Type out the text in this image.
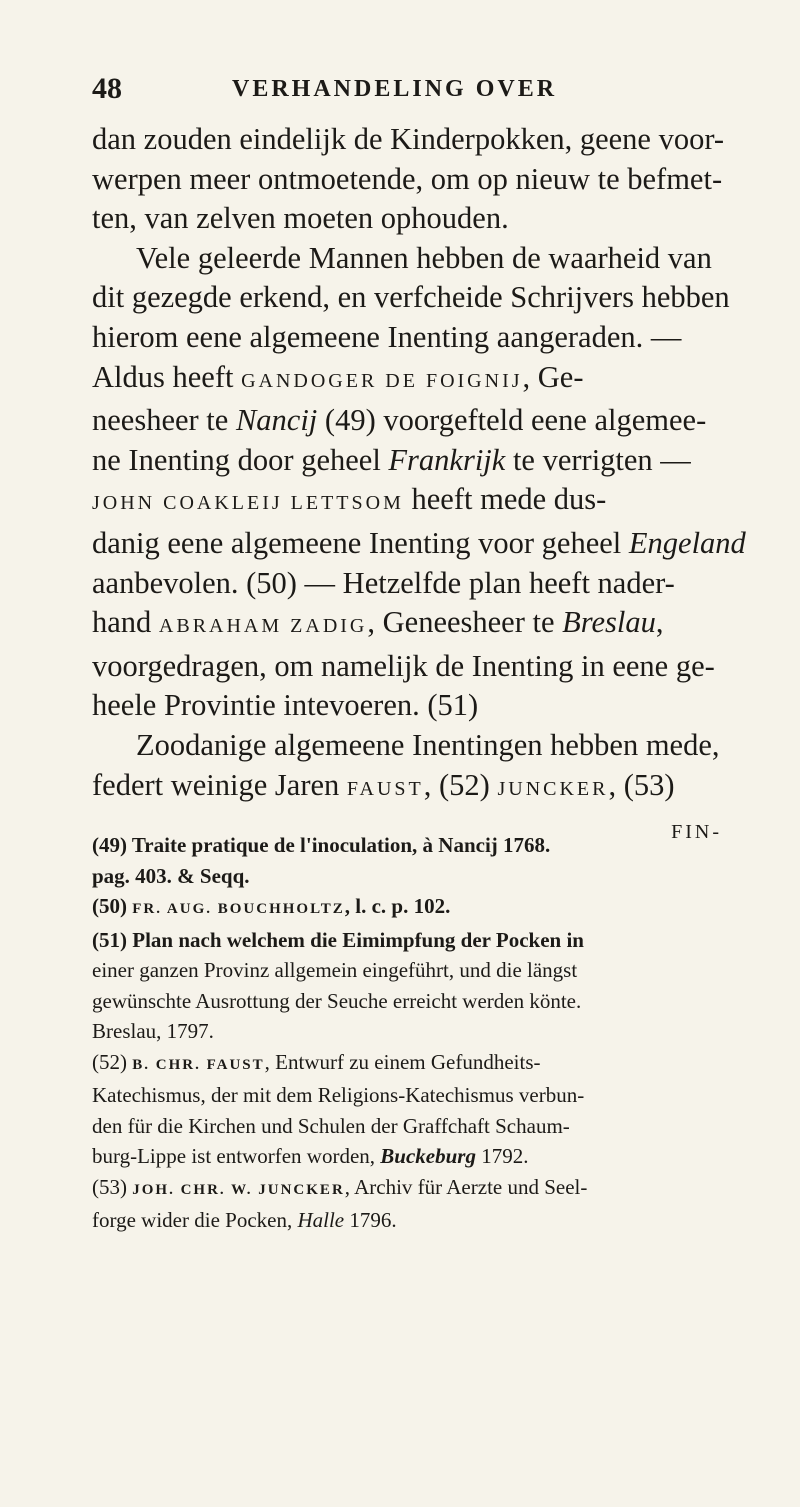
48	VERHANDELING OVER
dan zouden eindelijk de Kinderpokken, geene voor-
werpen meer ontmoetende, om op nieuw te befmet-
ten, van zelven moeten ophouden.
Vele geleerde Mannen hebben de waarheid van
dit gezegde erkend, en verfcheide Schrijvers hebben
hierom eene algemeene Inenting aangeraden. —
Aldus heeft GANDOGER DE FOIGNIJ, Ge-
neesheer te Nancij (49) voorgefteld eene algemee-
ne Inenting door geheel Frankrijk te verrigten —
JOHN COAKLEIJ LETTSOM heeft mede dus-
danig eene algemeene Inenting voor geheel Engeland
aanbevolen. (50) — Hetzelfde plan heeft nader-
hand ABRAHAM ZADIG, Geneesheer te Breslau,
voorgedragen, om namelijk de Inenting in eene ge-
heele Provintie intevoeren. (51)
Zoodanige algemeene Inentingen hebben mede,
federt weinige Jaren FAUST, (52) JUNCKER, (53)
FIN-
(49) Traite pratique de l'inoculation, à Nancij 1768.
pag. 403. & Seqq.
(50) FR. AUG. BOUCHHOLTZ, l. c. p. 102.
(51) Plan nach welchem die Eimimpfung der Pocken in
einer ganzen Provinz allgemein eingeführt, und die längst
gewünschte Ausrottung der Seuche erreicht werden könte.
Breslau, 1797.
(52) B. CHR. FAUST, Entwurf zu einem Gefundheits-
Katechismus, der mit dem Religions-Katechismus verbun-
den für die Kirchen und Schulen der Graffchaft Schaum-
burg-Lippe ist entworfen worden, Buckeburg 1792.
(53) JOH. CHR. W. JUNCKER, Archiv für Aerzte und Seel-
forge wider die Pocken, Halle 1796.
